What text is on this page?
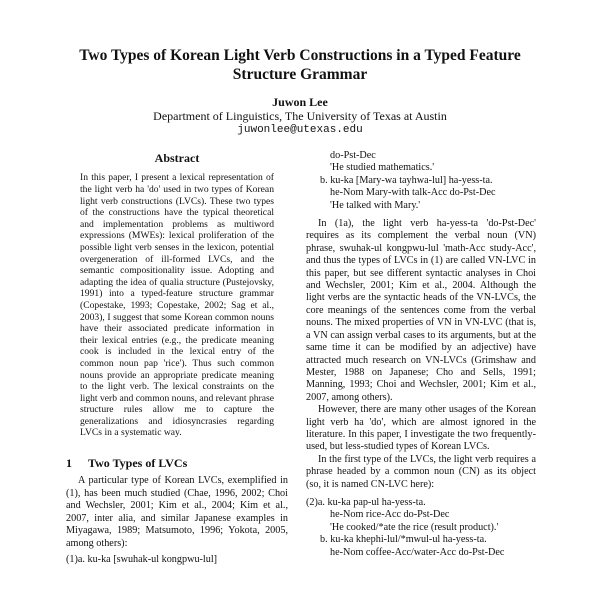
Two Types of Korean Light Verb Constructions in a Typed Feature Structure Grammar
Juwon Lee
Department of Linguistics, The University of Texas at Austin
juwonlee@utexas.edu
Abstract
In this paper, I present a lexical representation of the light verb ha 'do' used in two types of Korean light verb constructions (LVCs). These two types of the constructions have the typical theoretical and implementation problems as multiword expressions (MWEs): lexical proliferation of the possible light verb senses in the lexicon, potential overgeneration of ill-formed LVCs, and the semantic compositionality issue. Adopting and adapting the idea of qualia structure (Pustejovsky, 1991) into a typed-feature structure grammar (Copestake, 1993; Copestake, 2002; Sag et al., 2003), I suggest that some Korean common nouns have their associated predicate information in their lexical entries (e.g., the predicate meaning cook is included in the lexical entry of the common noun pap 'rice'). Thus such common nouns provide an appropriate predicate meaning to the light verb. The lexical constraints on the light verb and common nouns, and relevant phrase structure rules allow me to capture the generalizations and idiosyncrasies regarding LVCs in a systematic way.
1 Two Types of LVCs
A particular type of Korean LVCs, exemplified in (1), has been much studied (Chae, 1996, 2002; Choi and Wechsler, 2001; Kim et al., 2004; Kim et al., 2007, inter alia, and similar Japanese examples in Miyagawa, 1989; Matsumoto, 1996; Yokota, 2005, among others):
(1)a. ku-ka [swuhak-ul kongpwu-lul]
do-Pst-Dec
'He studied mathematics.'
b. ku-ka [Mary-wa tayhwa-lul] ha-yess-ta.
he-Nom Mary-with talk-Acc do-Pst-Dec
'He talked with Mary.'
In (1a), the light verb ha-yess-ta 'do-Pst-Dec' requires as its complement the verbal noun (VN) phrase, swuhak-ul kongpwu-lul 'math-Acc study-Acc', and thus the types of LVCs in (1) are called VN-LVC in this paper, but see different syntactic analyses in Choi and Wechsler, 2001; Kim et al., 2004. Although the light verbs are the syntactic heads of the VN-LVCs, the core meanings of the sentences come from the verbal nouns. The mixed properties of VN in VN-LVC (that is, a VN can assign verbal cases to its arguments, but at the same time it can be modified by an adjective) have attracted much research on VN-LVCs (Grimshaw and Mester, 1988 on Japanese; Cho and Sells, 1991; Manning, 1993; Choi and Wechsler, 2001; Kim et al., 2007, among others).
However, there are many other usages of the Korean light verb ha 'do', which are almost ignored in the literature. In this paper, I investigate the two frequently-used, but less-studied types of Korean LVCs.
In the first type of the LVCs, the light verb requires a phrase headed by a common noun (CN) as its object (so, it is named CN-LVC here):
(2)a. ku-ka pap-ul ha-yess-ta.
he-Nom rice-Acc do-Pst-Dec
'He cooked/*ate the rice (result product).'
b. ku-ka khephi-lul/*mwul-ul ha-yess-ta.
he-Nom coffee-Acc/water-Acc do-Pst-Dec
